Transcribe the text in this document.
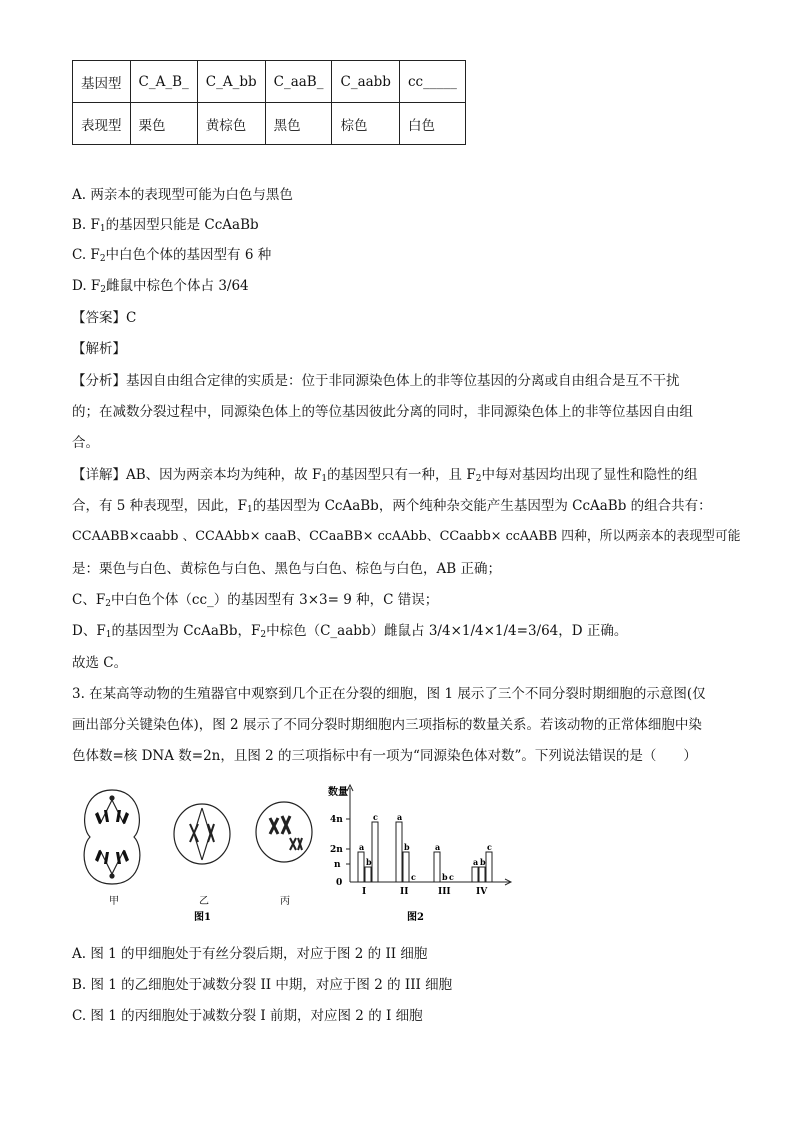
基因型	C_A_B_	C_A_bb	C_aaB_	C_aabb	cc_____
表现型	栗色	黄棕色	黑色	棕色	白色
A. 两亲本的表现型可能为白色与黑色
B. $F_1$的基因型只能是 CcAaBb
C. $F_2$中白色个体的基因型有 6 种
D. $F_2$雌鼠中棕色个体占 3/64
【答案】C
【解析】
【分析】基因自由组合定律的实质是：位于非同源染色体上的非等位基因的分离或自由组合是互不干扰
的；在减数分裂过程中，同源染色体上的等位基因彼此分离的同时，非同源染色体上的非等位基因自由组
合。
【详解】AB、因为两亲本均为纯种，故 $F_1$的基因型只有一种，且 $F_2$中每对基因均出现了显性和隐性的组
合，有 5 种表现型，因此，$F_1$的基因型为 CcAaBb，两个纯种杂交能产生基因型为 CcAaBb 的组合共有：
CCAABB×caabb 、CCAAbb× caaB、CCaaBB× ccAAbb、CCaabb× ccAABB 四种，所以两亲本的表现型可能
是：栗色与白色、黄棕色与白色、黑色与白色、棕色与白色，AB 正确；
C、$F_2$中白色个体（cc_）的基因型有 3×3= 9 种，C 错误；
D、$F_1$的基因型为 CcAaBb，$F_2$中棕色（C_aabb）雌鼠占 3/4×1/4×1/4=3/64，D 正确。
故选 C。
3. 在某高等动物的生殖器官中观察到几个正在分裂的细胞，图 1 展示了三个不同分裂时期细胞的示意图(仅
画出部分关键染色体)，图 2 展示了不同分裂时期细胞内三项指标的数量关系。若该动物的正常体细胞中染
色体数=核 DNA 数=2n，且图 2 的三项指标中有一项为“同源染色体对数”。下列说法错误的是（　　）
甲	乙	丙
图1
数量
4n
2n
n
0
a
b
c
I
a
b
c
II
a
b c
III
a b
c
IV
图2
A. 图 1 的甲细胞处于有丝分裂后期，对应于图 2 的 II 细胞
B. 图 1 的乙细胞处于减数分裂 II 中期，对应于图 2 的 III 细胞
C. 图 1 的丙细胞处于减数分裂 I 前期，对应图 2 的 I 细胞
